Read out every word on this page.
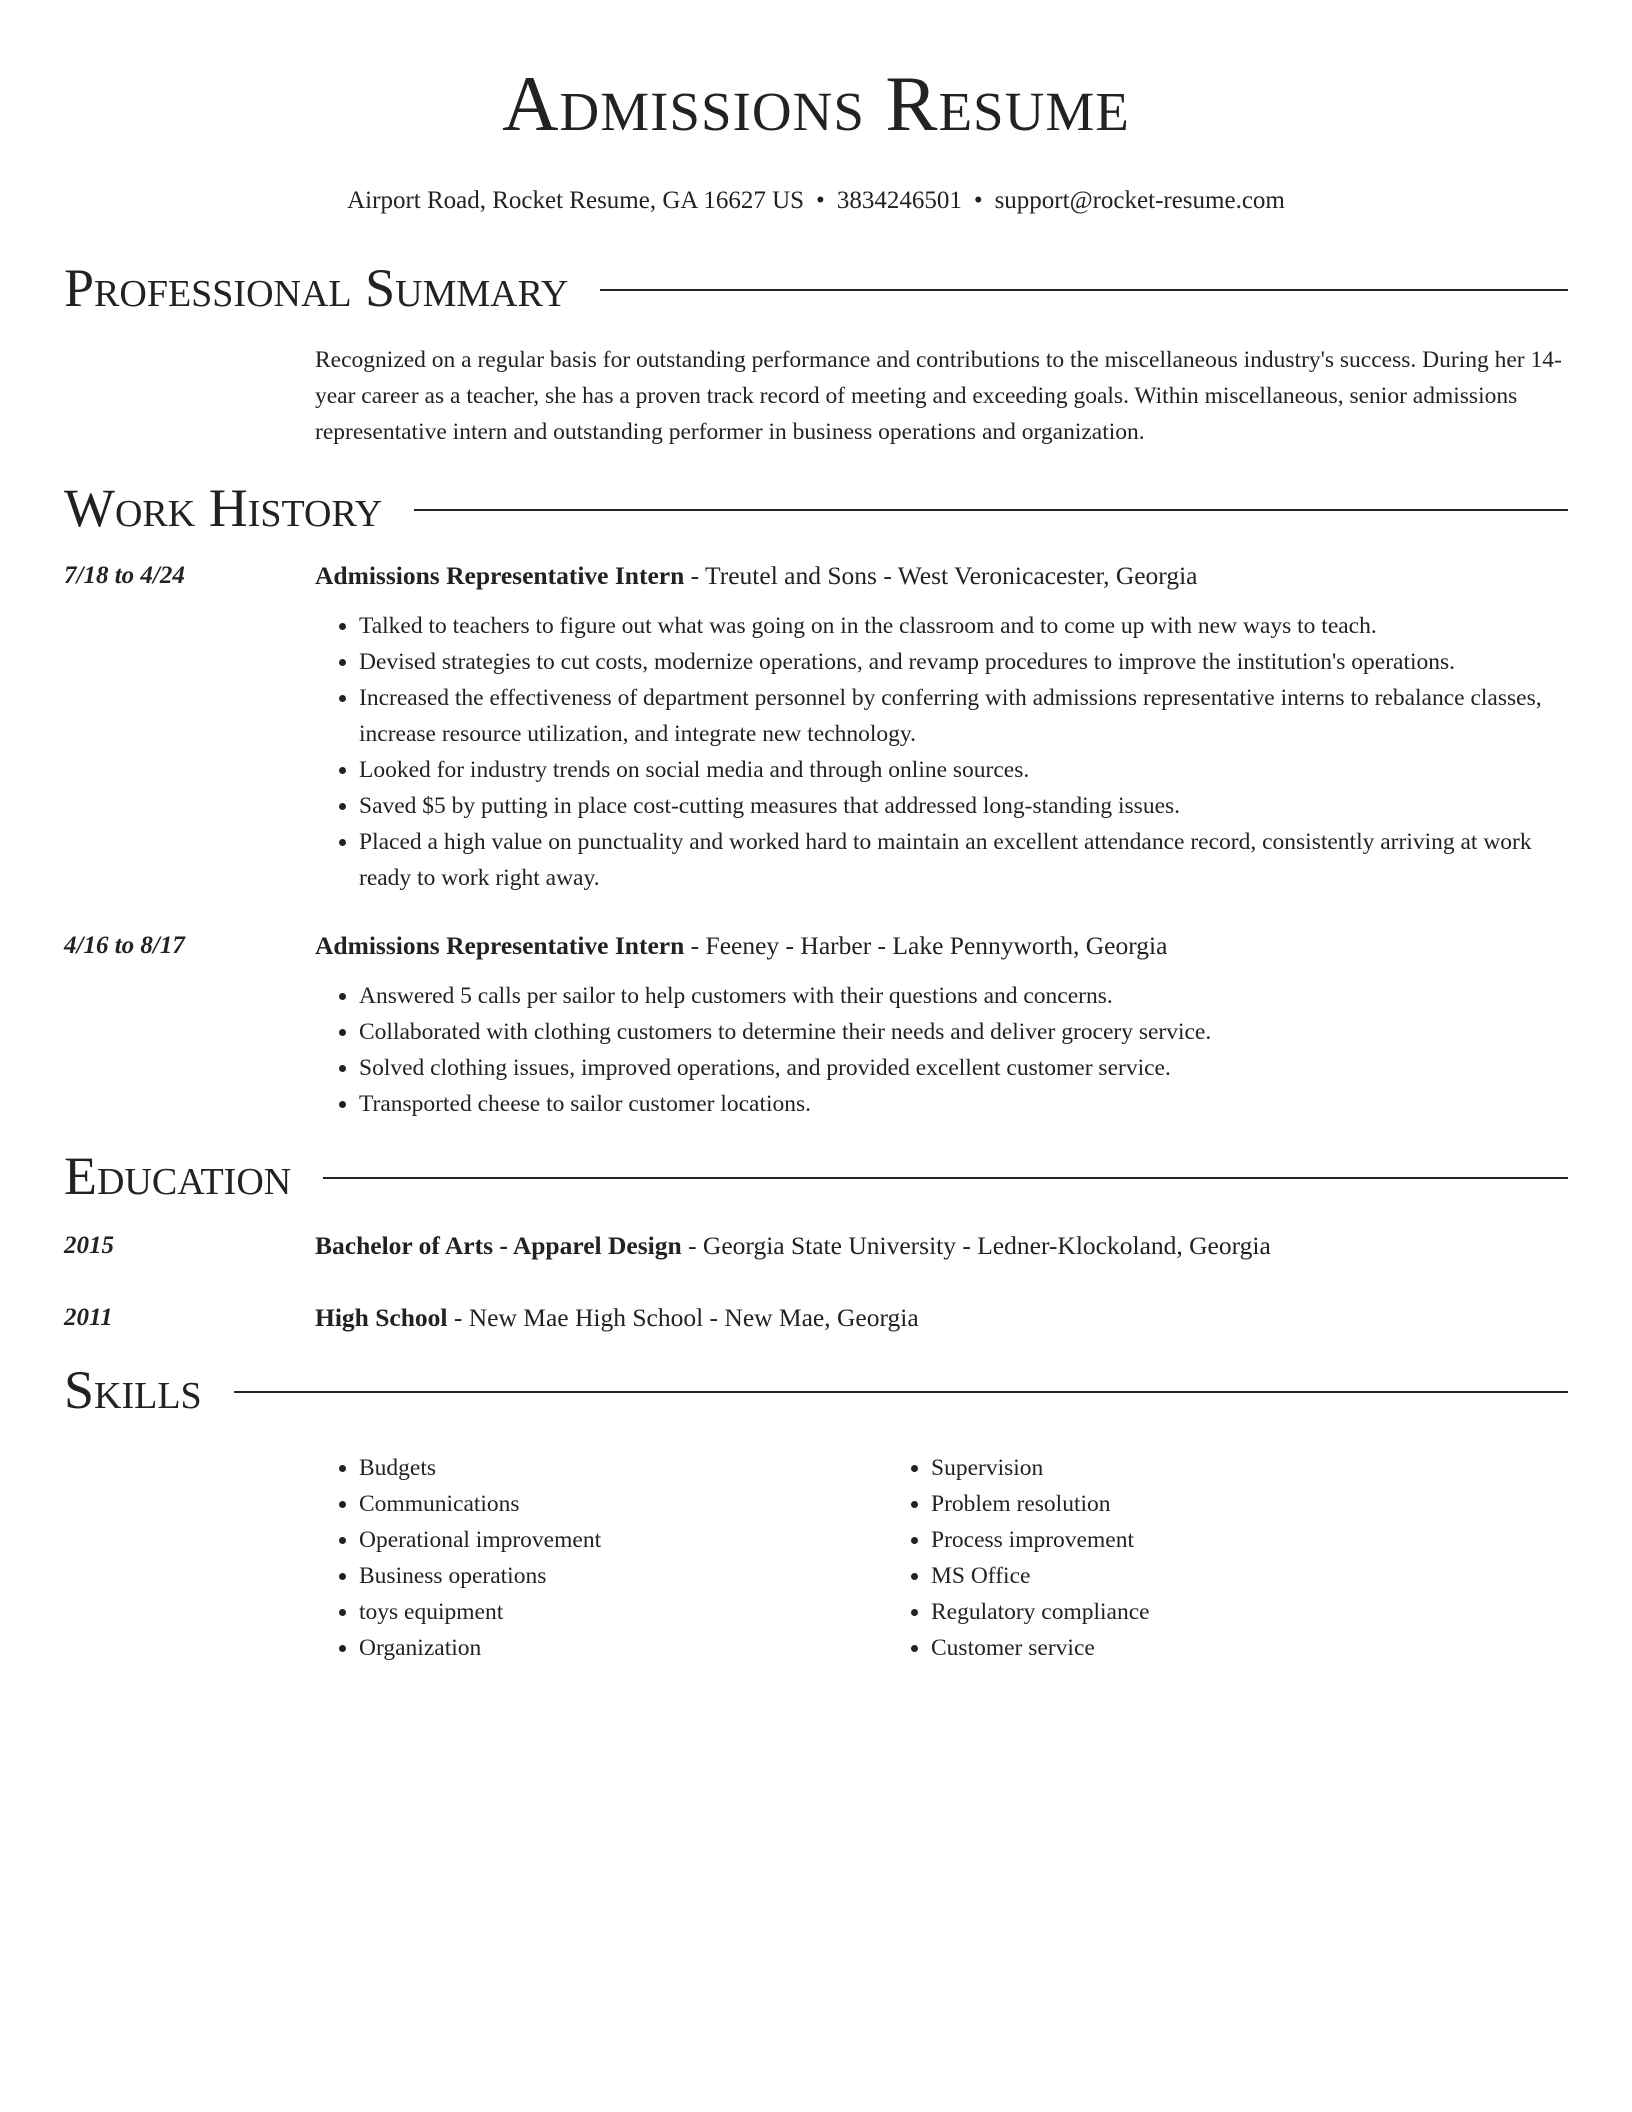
Admissions Resume
Airport Road, Rocket Resume, GA 16627 US • 3834246501 • support@rocket-resume.com
Professional Summary
Recognized on a regular basis for outstanding performance and contributions to the miscellaneous industry's success. During her 14-year career as a teacher, she has a proven track record of meeting and exceeding goals. Within miscellaneous, senior admissions representative intern and outstanding performer in business operations and organization.
Work History
7/18 to 4/24	Admissions Representative Intern - Treutel and Sons - West Veronicacester, Georgia
• Talked to teachers to figure out what was going on in the classroom and to come up with new ways to teach.
• Devised strategies to cut costs, modernize operations, and revamp procedures to improve the institution's operations.
• Increased the effectiveness of department personnel by conferring with admissions representative interns to rebalance classes, increase resource utilization, and integrate new technology.
• Looked for industry trends on social media and through online sources.
• Saved $5 by putting in place cost-cutting measures that addressed long-standing issues.
• Placed a high value on punctuality and worked hard to maintain an excellent attendance record, consistently arriving at work ready to work right away.
4/16 to 8/17	Admissions Representative Intern - Feeney - Harber - Lake Pennyworth, Georgia
• Answered 5 calls per sailor to help customers with their questions and concerns.
• Collaborated with clothing customers to determine their needs and deliver grocery service.
• Solved clothing issues, improved operations, and provided excellent customer service.
• Transported cheese to sailor customer locations.
Education
2015	Bachelor of Arts - Apparel Design - Georgia State University - Ledner-Klockoland, Georgia
2011	High School - New Mae High School - New Mae, Georgia
Skills
• Budgets
• Communications
• Operational improvement
• Business operations
• toys equipment
• Organization
• Supervision
• Problem resolution
• Process improvement
• MS Office
• Regulatory compliance
• Customer service
